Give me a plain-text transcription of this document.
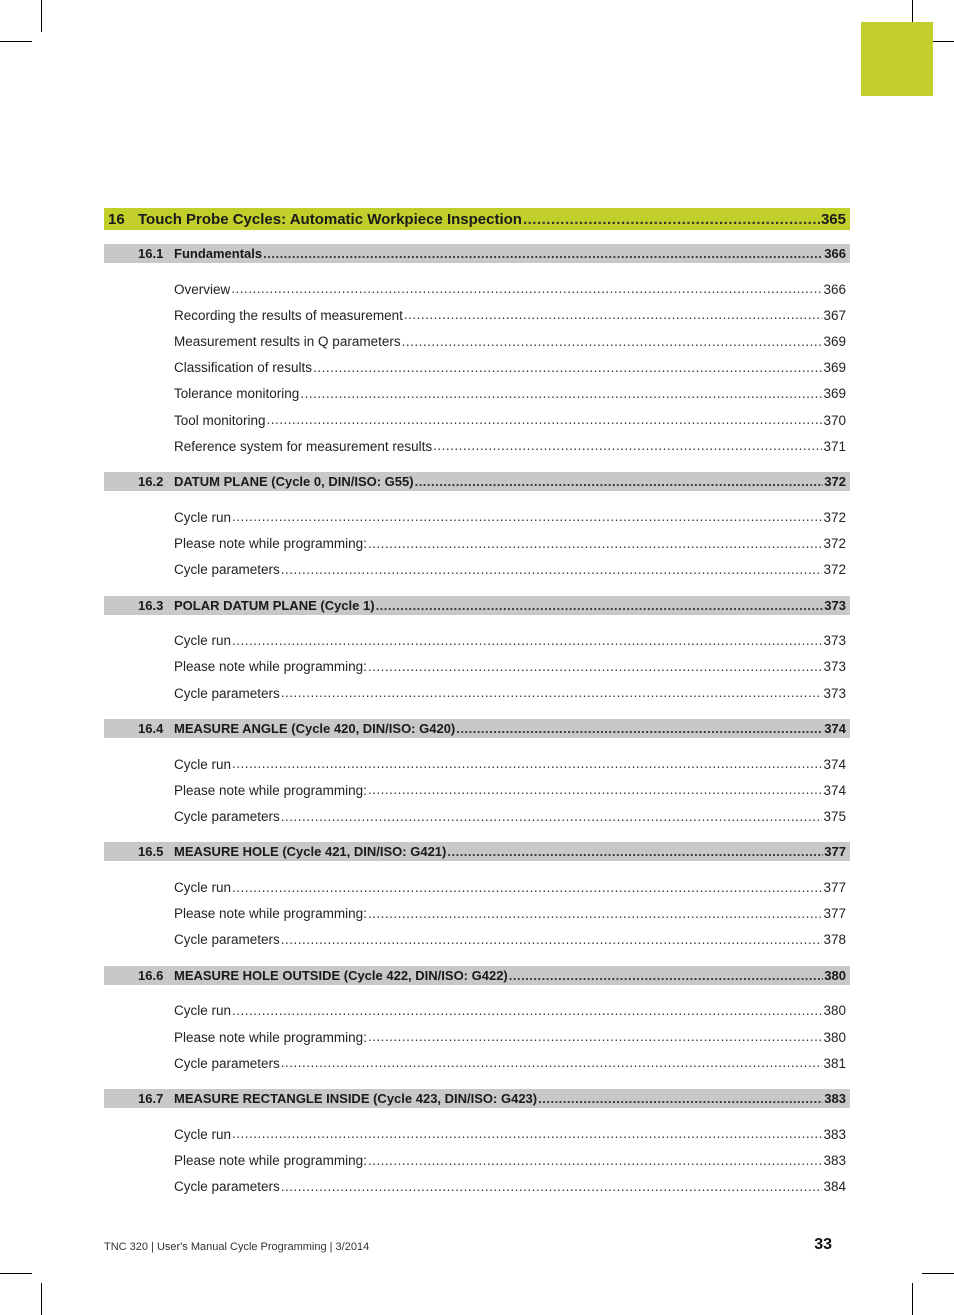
16 Touch Probe Cycles: Automatic Workpiece Inspection .....	365
16.1 Fundamentals .....	366
Overview .....	366
Recording the results of measurement .....	367
Measurement results in Q parameters .....	369
Classification of results .....	369
Tolerance monitoring .....	369
Tool monitoring .....	370
Reference system for measurement results .....	371
16.2 DATUM PLANE (Cycle 0, DIN/ISO: G55) .....	372
Cycle run .....	372
Please note while programming: .....	372
Cycle parameters .....	372
16.3 POLAR DATUM PLANE (Cycle 1) .....	373
Cycle run .....	373
Please note while programming: .....	373
Cycle parameters .....	373
16.4 MEASURE ANGLE (Cycle 420, DIN/ISO: G420) .....	374
Cycle run .....	374
Please note while programming: .....	374
Cycle parameters .....	375
16.5 MEASURE HOLE (Cycle 421, DIN/ISO: G421) .....	377
Cycle run .....	377
Please note while programming: .....	377
Cycle parameters .....	378
16.6 MEASURE HOLE OUTSIDE (Cycle 422, DIN/ISO: G422) .....	380
Cycle run .....	380
Please note while programming: .....	380
Cycle parameters .....	381
16.7 MEASURE RECTANGLE INSIDE (Cycle 423, DIN/ISO: G423) .....	383
Cycle run .....	383
Please note while programming: .....	383
Cycle parameters .....	384
TNC 320 | User's Manual Cycle Programming | 3/2014	33
